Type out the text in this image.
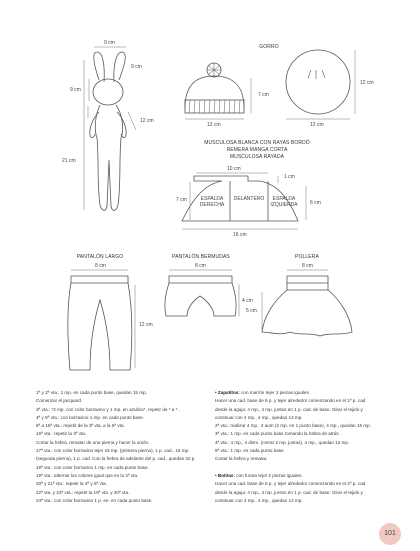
9 cm
9 cm
9 cm
12 cm
21 cm
GORRO
7 cm
12 cm
12 cm
12 cm
MUSCULOSA BLANCA CON RAYAS BORDÓ
REMERA MANGA CORTA
MUSCULOSA RAYADA
10 cm
1 cm
7 cm	6 cm
16 cm
ESPALDA
DERECHA
DELANTERO ESPALDA
IZQUIERDA
PANTALÓN LARGO
8 cm
12 cm
PANTALÓN BERMUDAS
8 cm
4 cm
POLLERA
8 cm
5 cm

1ª y 2ª vta.: 1 mp. en cada punto base, quedan 15 mp.

Comenzar el jacquard.

3ª vta.: *2 mp. con color borravino y 1 mp. en azulino*, repetir de * a *.

4ª y 5ª vta.: con borravino 1 mp. en cada punto base.

6ª a 15ª vta.: repetir de la 3ª vta. a la 5ª vta.

16ª vta.: repetir la 3ª vta.

Cortar la hebra, rematar de una pierna y hacer la unión.

17ª vta.: con color borravino tejer 15 mp. (primera pierna), 1 p. cad., 15 mp.

(segunda pierna), 1 p. cad. Con la hebra de adelante del p. cad., quedan 32 p.

18ª vta.: con color borravino 1 mp. en cada punto base.

19ª vta.: alternar los colores igual que en la 3ª vta.

20ª y 21ª vta.: repetir la 4ª y 5ª vta.

22ª vta. y 23ª vta.: repetir la 19ª vta. y 20ª vta.

24ª vta.: con color borravino 1 p. en. en cada punto base.

• Zapatitos: con marrón tejer 2 piezas iguales.

Hacer una cad. base de 6 p. y tejer alrededor comenzando en el 2º p. cad

desde la aguja: 4 mp., 4 mp. juntos en 1 p. cad. de base. Girar el tejido y

continuar con 4 mp., 4 mp., quedan 12 mp.

2ª vta.: realizar 4 mp., 4 aum (2 mp. en 1 punto base), 4 mp., quedan 16 mp.

3ª vta.: 1 mp. en cada punto base tomando la hebra de atrás.

4ª vta.: 4 mp., 4 dism. (cerrar 2 mp. juntos), 4 mp., quedan 12 mp.

5ª vta.: 1 mp. en cada punto base.

Cortar la hebra y rematar.

• Botitas: con fucsia tejer 2 piezas iguales.

Hacer una cad. base de 6 p. y tejer alrededor comenzando en el 2º p. cad

desde la aguja: 4 mp., 4 mp. juntos en 1 p. cad. de base. Girar el tejido y

continuar con 4 mp., 4 mp., quedan 12 mp.

101
